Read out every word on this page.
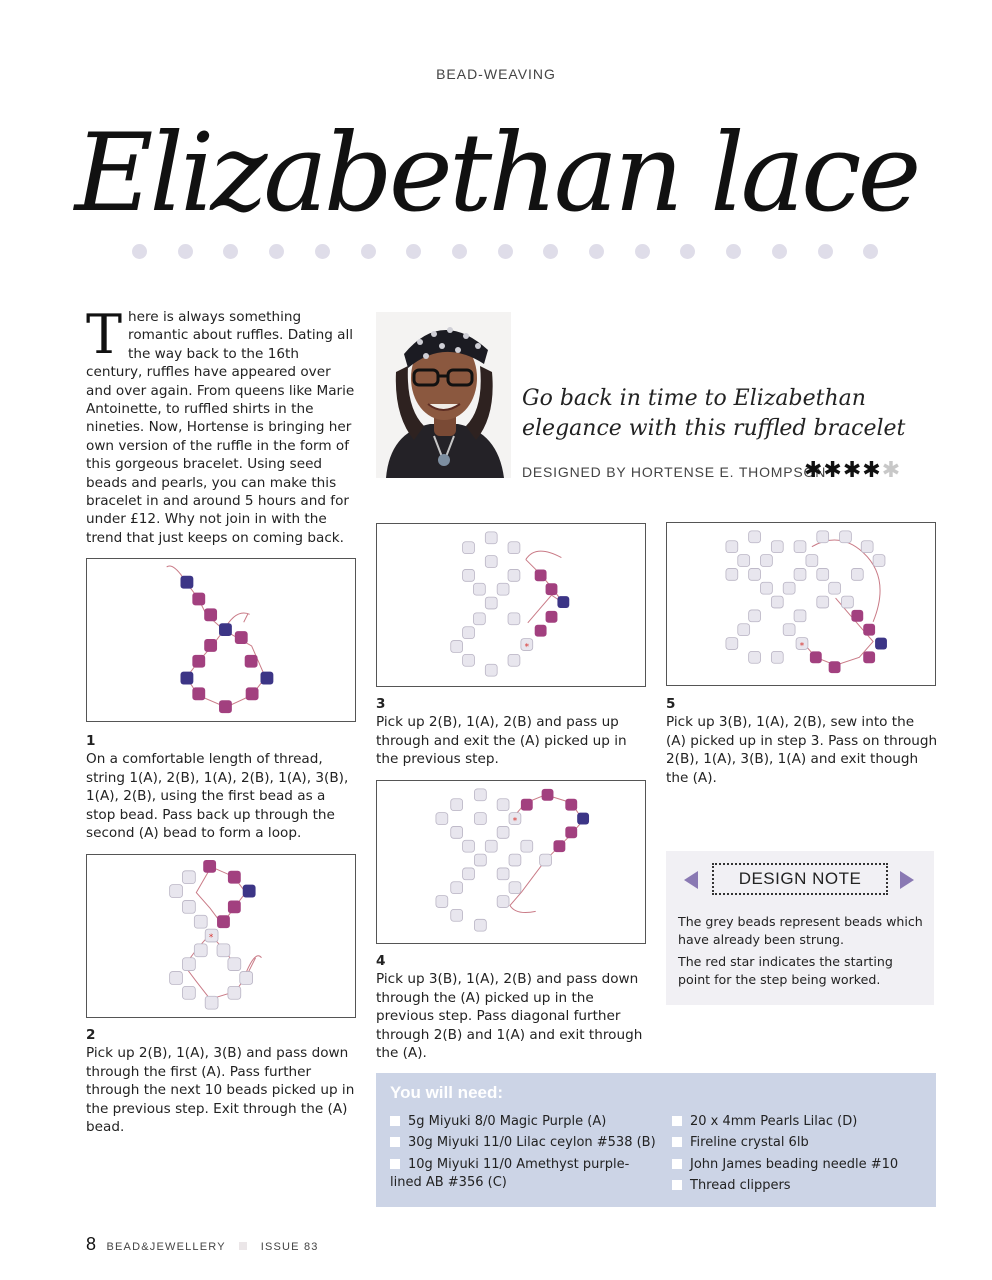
BEAD-WEAVING
Elizabethan lace
T here is always something romantic about ruffles. Dating all the way back to the 16th century, ruffles have appeared over and over again. From queens like Marie Antoinette, to ruffled shirts in the nineties. Now, Hortense is bringing her own version of the ruffle in the form of this gorgeous bracelet. Using seed beads and pearls, you can make this bracelet in and around 5 hours and for under £12. Why not join in with the trend that just keeps on coming back.
Go back in time to Elizabethan elegance with this ruffled bracelet
DESIGNED BY HORTENSE E. THOMPSON
✱✱✱✱✱
1
On a comfortable length of thread, string 1(A), 2(B), 1(A), 2(B), 1(A), 3(B), 1(A), 2(B), using the first bead as a stop bead. Pass back up through the second (A) bead to form a loop.
*
2
Pick up 2(B), 1(A), 3(B) and pass down through the first (A). Pass further through the next 10 beads picked up in the previous step. Exit through the (A) bead.
*
3
Pick up 2(B), 1(A), 2(B) and pass up through and exit the (A) picked up in the previous step.
*
4
Pick up 3(B), 1(A), 2(B) and pass down through the (A) picked up in the previous step. Pass diagonal further through 2(B) and 1(A) and exit through the (A).
*
5
Pick up 3(B), 1(A), 2(B), sew into the (A) picked up in step 3. Pass on through 2(B), 1(A), 3(B), 1(A) and exit though the (A).
DESIGN NOTE

The grey beads represent beads which have already been strung.

The red star indicates the starting point for the step being worked.

You will need:
5g Miyuki 8/0 Magic Purple (A)
30g Miyuki 11/0 Lilac ceylon #538 (B)
10g Miyuki 11/0 Amethyst purple-lined AB #356 (C)
20 x 4mm Pearls Lilac (D)
Fireline crystal 6lb
John James beading needle #10
Thread clippers
8 BEAD&JEWELLERY	ISSUE 83
